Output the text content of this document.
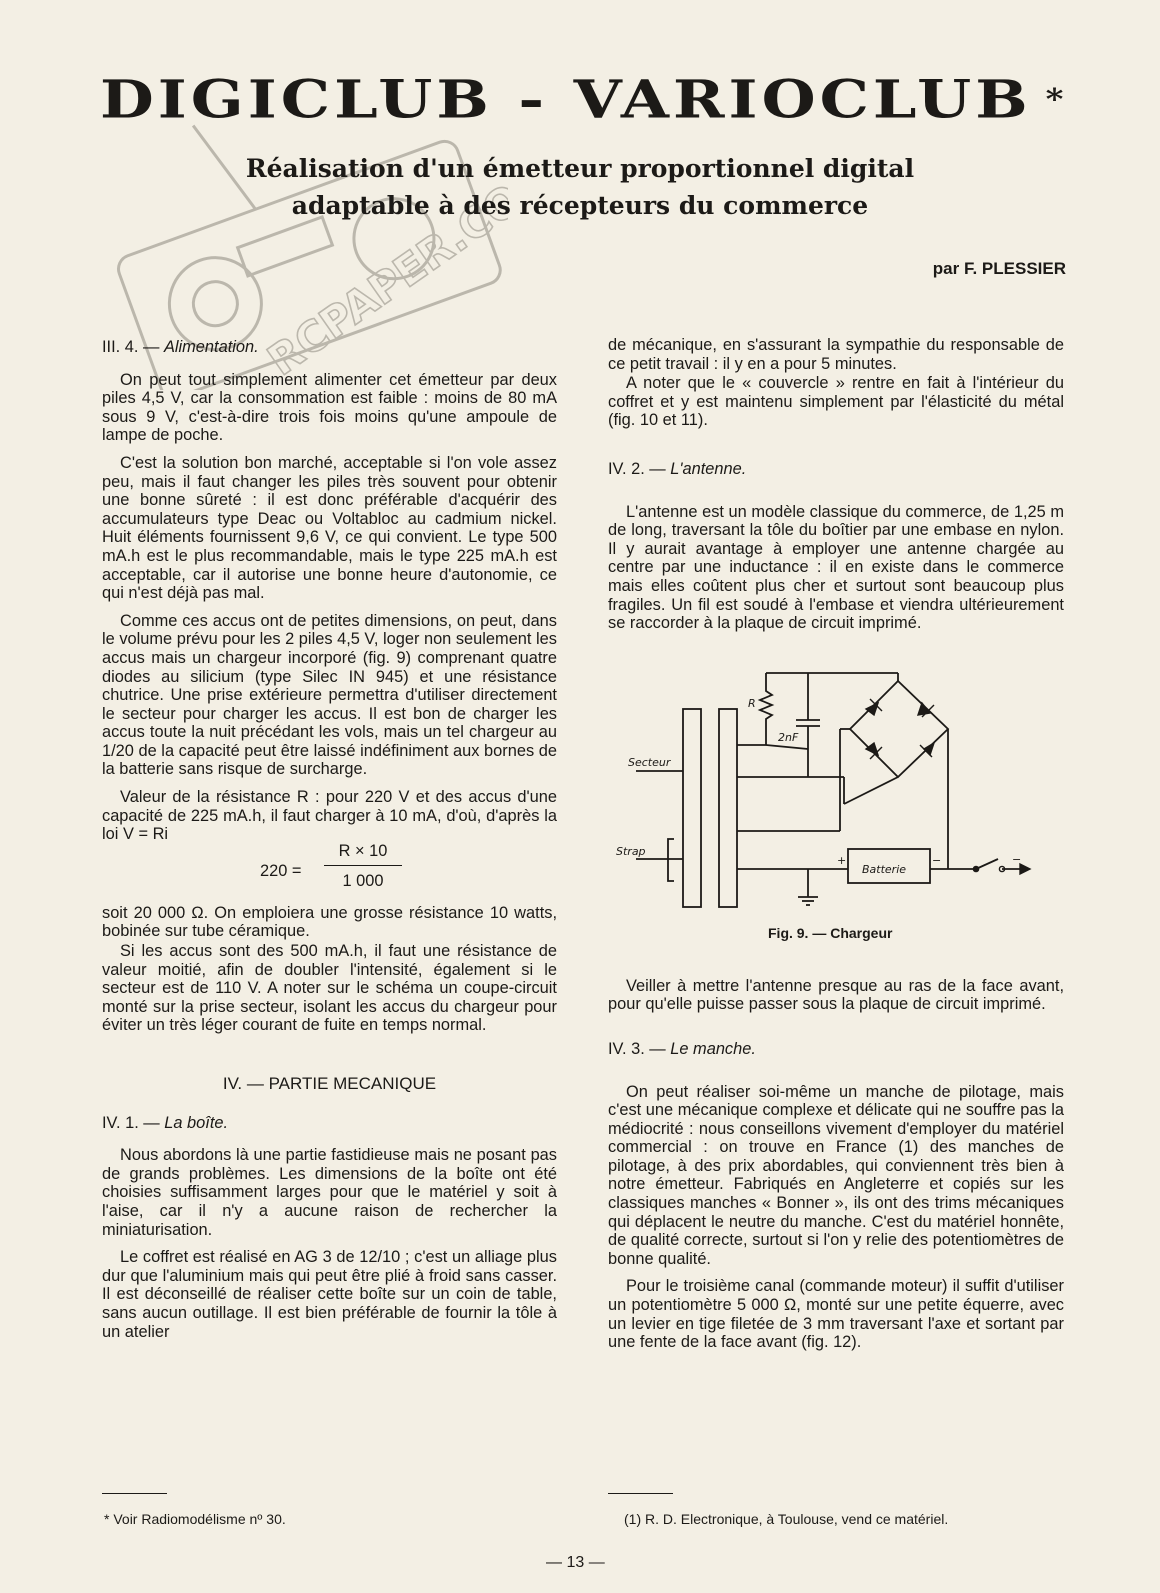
RCPAPER.COM
DIGICLUB - VARIOCLUB *
Réalisation d'un émetteur proportionnel digital
adaptable à des récepteurs du commerce
par F. PLESSIER
III. 4. — Alimentation.

On peut tout simplement alimenter cet émetteur par deux piles 4,5 V, car la consommation est faible : moins de 80 mA sous 9 V, c'est-à-dire trois fois moins qu'une ampoule de lampe de poche.

C'est la solution bon marché, acceptable si l'on vole assez peu, mais il faut changer les piles très souvent pour obtenir une bonne sûreté : il est donc préférable d'acquérir des accumulateurs type Deac ou Voltabloc au cadmium nickel. Huit éléments fournissent 9,6 V, ce qui convient. Le type 500 mA.h est le plus recommandable, mais le type 225 mA.h est acceptable, car il autorise une bonne heure d'autonomie, ce qui n'est déjà pas mal.

Comme ces accus ont de petites dimensions, on peut, dans le volume prévu pour les 2 piles 4,5 V, loger non seulement les accus mais un chargeur incorporé (fig. 9) comprenant quatre diodes au silicium (type Silec IN 945) et une résistance chutrice. Une prise extérieure permettra d'utiliser directement le secteur pour charger les accus. Il est bon de charger les accus toute la nuit précédant les vols, mais un tel chargeur au 1/20 de la capacité peut être laissé indéfiniment aux bornes de la batterie sans risque de surcharge.

Valeur de la résistance R : pour 220 V et des accus d'une capacité de 225 mA.h, il faut charger à 10 mA, d'où, d'après la loi V = Ri

220 =
R × 10
1 000

soit 20 000 Ω. On emploiera une grosse résistance 10 watts, bobinée sur tube céramique.

Si les accus sont des 500 mA.h, il faut une résistance de valeur moitié, afin de doubler l'intensité, également si le secteur est de 110 V. A noter sur le schéma un coupe-circuit monté sur la prise secteur, isolant les accus du chargeur pour éviter un très léger courant de fuite en temps normal.

IV. — PARTIE MECANIQUE
IV. 1. — La boîte.

Nous abordons là une partie fastidieuse mais ne posant pas de grands problèmes. Les dimensions de la boîte ont été choisies suffisamment larges pour que le matériel y soit à l'aise, car il n'y a aucune raison de rechercher la miniaturisation.

Le coffret est réalisé en AG 3 de 12/10 ; c'est un alliage plus dur que l'aluminium mais qui peut être plié à froid sans casser. Il est déconseillé de réaliser cette boîte sur un coin de table, sans aucun outillage. Il est bien préférable de fournir la tôle à un atelier

de mécanique, en s'assurant la sympathie du responsable de ce petit travail : il y en a pour 5 minutes.

A noter que le « couvercle » rentre en fait à l'intérieur du coffret et y est maintenu simplement par l'élasticité du métal (fig. 10 et 11).

IV. 2. — L'antenne.

L'antenne est un modèle classique du commerce, de 1,25 m de long, traversant la tôle du boîtier par une embase en nylon. Il y aurait avantage à employer une antenne chargée au centre par une inductance : il en existe dans le commerce mais elles coûtent plus cher et surtout sont beaucoup plus fragiles. Un fil est soudé à l'embase et viendra ultérieurement se raccorder à la plaque de circuit imprimé.

R
2nF
Secteur
Strap
Batterie
+	−	−
Fig. 9. — Chargeur

Veiller à mettre l'antenne presque au ras de la face avant, pour qu'elle puisse passer sous la plaque de circuit imprimé.

IV. 3. — Le manche.

On peut réaliser soi-même un manche de pilotage, mais c'est une mécanique complexe et délicate qui ne souffre pas la médiocrité : nous conseillons vivement d'employer du matériel commercial : on trouve en France (1) des manches de pilotage, à des prix abordables, qui conviennent très bien à notre émetteur. Fabriqués en Angleterre et copiés sur les classiques manches « Bonner », ils ont des trims mécaniques qui déplacent le neutre du manche. C'est du matériel honnête, de qualité correcte, surtout si l'on y relie des potentiomètres de bonne qualité.

Pour le troisième canal (commande moteur) il suffit d'utiliser un potentiomètre 5 000 Ω, monté sur une petite équerre, avec un levier en tige filetée de 3 mm traversant l'axe et sortant par une fente de la face avant (fig. 12).

* Voir Radiomodélisme nº 30.	(1) R. D. Electronique, à Toulouse, vend ce matériel.
— 13 —
